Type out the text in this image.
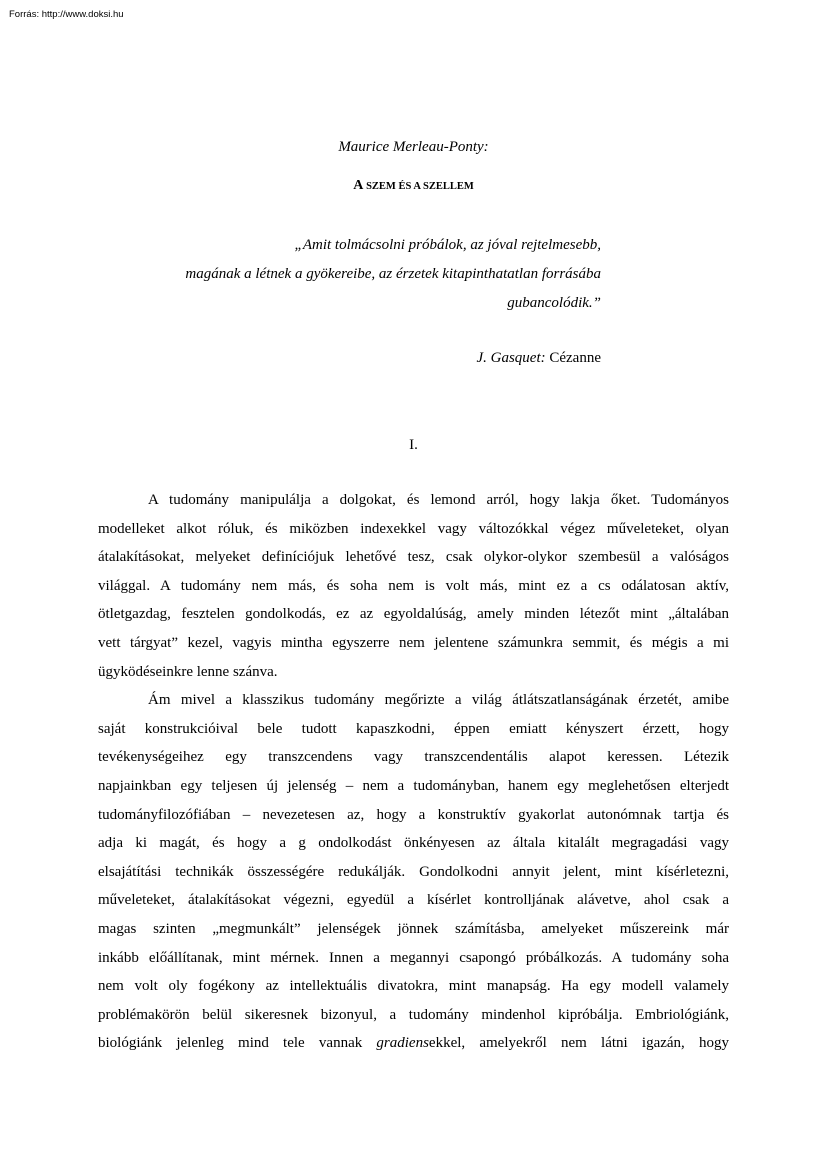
Forrás: http://www.doksi.hu
Maurice Merleau-Ponty:
A SZEM ÉS A SZELLEM
„Amit tolmácsolni próbálok, az jóval rejtelmesebb,
magának a létnek a gyökereibe, az érzetek kitapinthatatlan forrásába
gubancolódik.”
J. Gasquet: Cézanne
I.
A tudomány manipulálja a dolgokat, és lemond arról, hogy lakja őket. Tudományos
modelleket alkot róluk, és miközben indexekkel vagy változókkal végez műveleteket, olyan
átalakításokat, melyeket definíciójuk lehetővé tesz, csak olykor-olykor szembesül a valóságos
világgal. A tudomány nem más, és soha nem is volt más, mint ez a cs odálatosan aktív,
ötletgazdag, fesztelen gondolkodás, ez az egyoldalúság, amely minden létezőt mint „általában
vett tárgyat” kezel, vagyis mintha egyszerre nem jelentene számunkra semmit, és mégis a mi
ügyködéseinkre lenne szánva.
Ám mivel a klasszikus tudomány megőrizte a világ átlátszatlanságának érzetét, amibe
saját konstrukcióival bele tudott kapaszkodni, éppen emiatt kényszert érzett, hogy
tevékenységeihez egy transzcendens vagy transzcendentális alapot keressen. Létezik
napjainkban egy teljesen új jelenség – nem a tudományban, hanem egy meglehetősen elterjedt
tudományfilozófiában – nevezetesen az, hogy a konstruktív gyakorlat autonómnak tartja és
adja ki magát, és hogy a g ondolkodást önkényesen az általa kitalált megragadási vagy
elsajátítási technikák összességére redukálják. Gondolkodni annyit jelent, mint kísérletezni,
műveleteket, átalakításokat végezni, egyedül a kísérlet kontrolljának alávetve, ahol csak a
magas szinten „megmunkált” jelenségek jönnek számításba, amelyeket műszereink már
inkább előállítanak, mint mérnek. Innen a megannyi csapongó próbálkozás. A tudomány soha
nem volt oly fogékony az intellektuális divatokra, mint manapság. Ha egy modell valamely
problémakörön belül sikeresnek bizonyul, a tudomány mindenhol kipróbálja. Embriológiánk,
biológiánk jelenleg mind tele vannak gradiensekkel, amelyekről nem látni igazán, hogy
